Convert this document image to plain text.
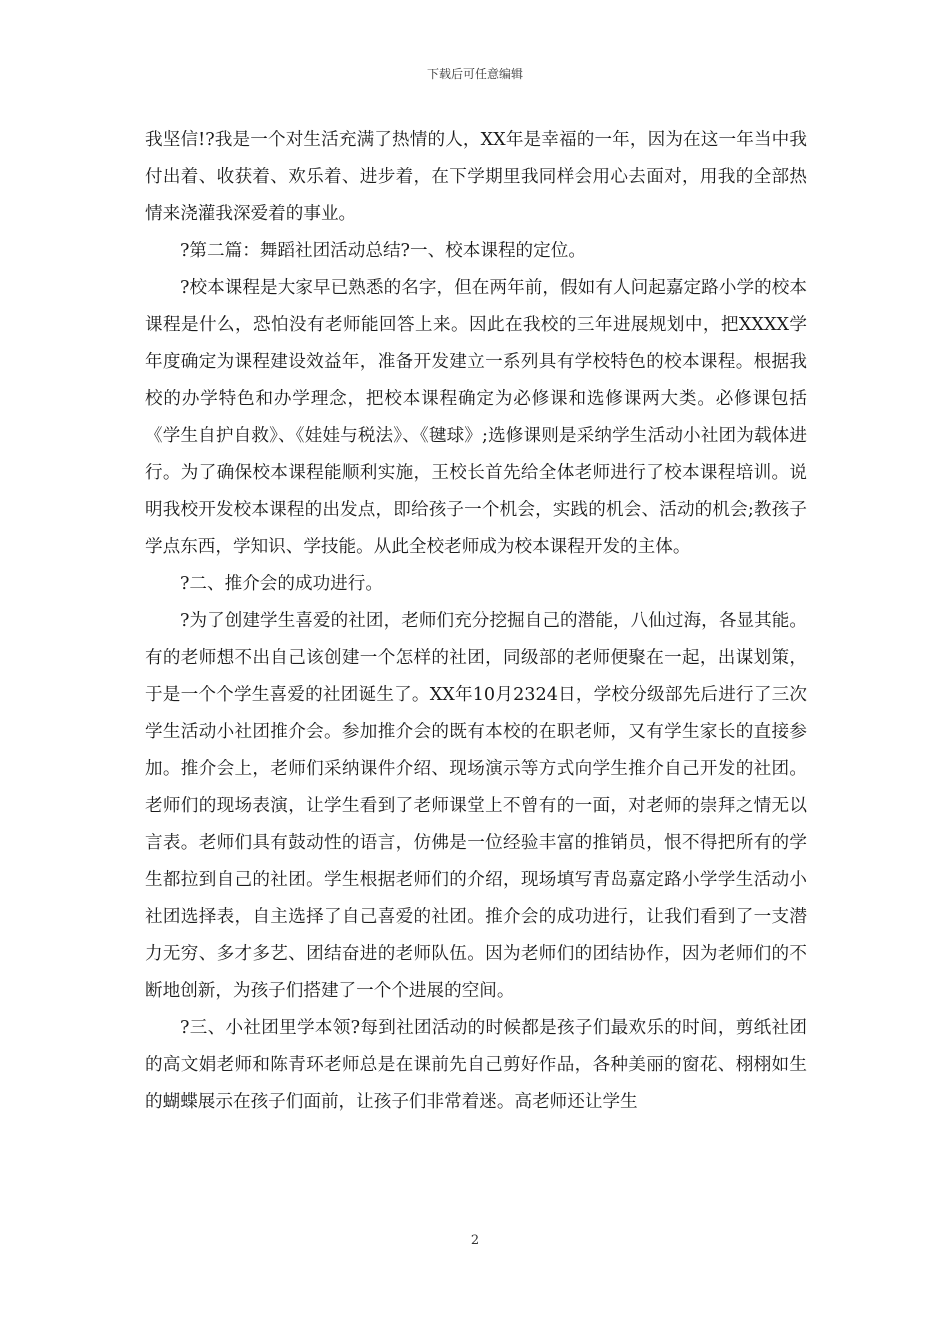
下载后可任意编辑

我坚信!?我是一个对生活充满了热情的人，XX年是幸福的一年，因为在这一年当中我付出着、收获着、欢乐着、进步着，在下学期里我同样会用心去面对，用我的全部热情来浇灌我深爱着的事业。

?第二篇：舞蹈社团活动总结?一、校本课程的定位。

?校本课程是大家早已熟悉的名字，但在两年前，假如有人问起嘉定路小学的校本课程是什么，恐怕没有老师能回答上来。因此在我校的三年进展规划中，把XXXX学年度确定为课程建设效益年，准备开发建立一系列具有学校特色的校本课程。根据我校的办学特色和办学理念，把校本课程确定为必修课和选修课两大类。必修课包括《学生自护自救》、《娃娃与税法》、《毽球》;选修课则是采纳学生活动小社团为载体进行。为了确保校本课程能顺利实施，王校长首先给全体老师进行了校本课程培训。说明我校开发校本课程的出发点，即给孩子一个机会，实践的机会、活动的机会;教孩子学点东西，学知识、学技能。从此全校老师成为校本课程开发的主体。

?二、推介会的成功进行。

?为了创建学生喜爱的社团，老师们充分挖掘自己的潜能，八仙过海，各显其能。有的老师想不出自己该创建一个怎样的社团，同级部的老师便聚在一起，出谋划策，于是一个个学生喜爱的社团诞生了。XX年10月2324日，学校分级部先后进行了三次学生活动小社团推介会。参加推介会的既有本校的在职老师，又有学生家长的直接参加。推介会上，老师们采纳课件介绍、现场演示等方式向学生推介自己开发的社团。老师们的现场表演，让学生看到了老师课堂上不曾有的一面，对老师的崇拜之情无以言表。老师们具有鼓动性的语言，仿佛是一位经验丰富的推销员，恨不得把所有的学生都拉到自己的社团。学生根据老师们的介绍，现场填写青岛嘉定路小学学生活动小社团选择表，自主选择了自己喜爱的社团。推介会的成功进行，让我们看到了一支潜力无穷、多才多艺、团结奋进的老师队伍。因为老师们的团结协作，因为老师们的不断地创新，为孩子们搭建了一个个进展的空间。

?三、小社团里学本领?每到社团活动的时候都是孩子们最欢乐的时间，剪纸社团的高文娟老师和陈青环老师总是在课前先自己剪好作品，各种美丽的窗花、栩栩如生的蝴蝶展示在孩子们面前，让孩子们非常着迷。高老师还让学生

2
